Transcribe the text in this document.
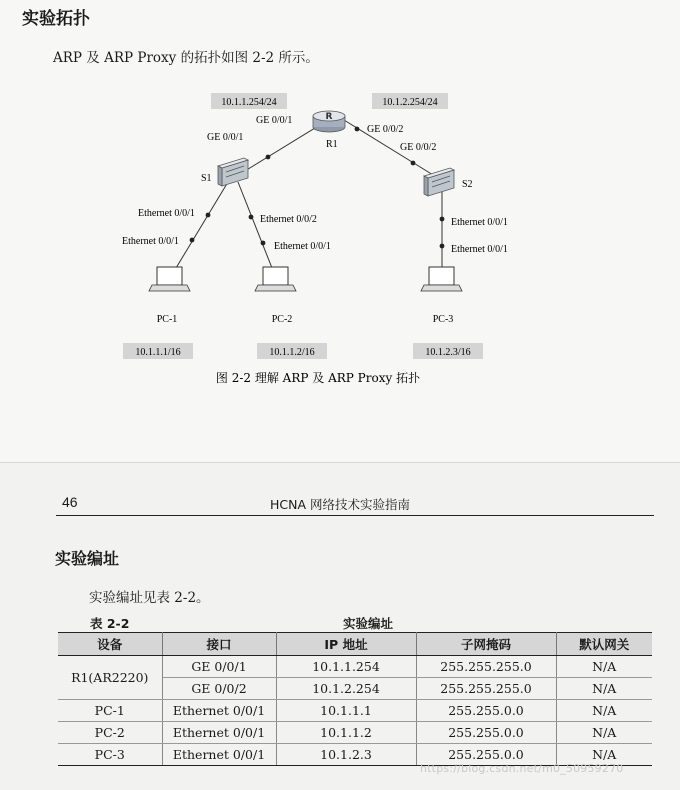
实验拓扑
ARP 及 ARP Proxy 的拓扑如图 2-2 所示。
10.1.1.254/24	10.1.2.254/24
R
R1
GE 0/0/1
GE 0/0/1
GE 0/0/2
GE 0/0/2
S1
S2
Ethernet 0/0/1
Ethernet 0/0/1
Ethernet 0/0/2
Ethernet 0/0/1
Ethernet 0/0/1
Ethernet 0/0/1
PC-1	PC-2	PC-3
10.1.1.1/16	10.1.1.2/16	10.1.2.3/16
图 2-2 理解 ARP 及 ARP Proxy 拓扑
46	HCNA 网络技术实验指南
实验编址
实验编址见表 2-2。
表 2-2	实验编址
设备	接口	IP 地址	子网掩码	默认网关
R1(AR2220)	GE 0/0/1	10.1.1.254	255.255.255.0	N/A
	GE 0/0/2	10.1.2.254	255.255.255.0	N/A
PC-1	Ethernet 0/0/1	10.1.1.1	255.255.0.0	N/A
PC-2	Ethernet 0/0/1	10.1.1.2	255.255.0.0	N/A
PC-3	Ethernet 0/0/1	10.1.2.3	255.255.0.0	N/A
https://blog.csdn.net/m0_50959270
